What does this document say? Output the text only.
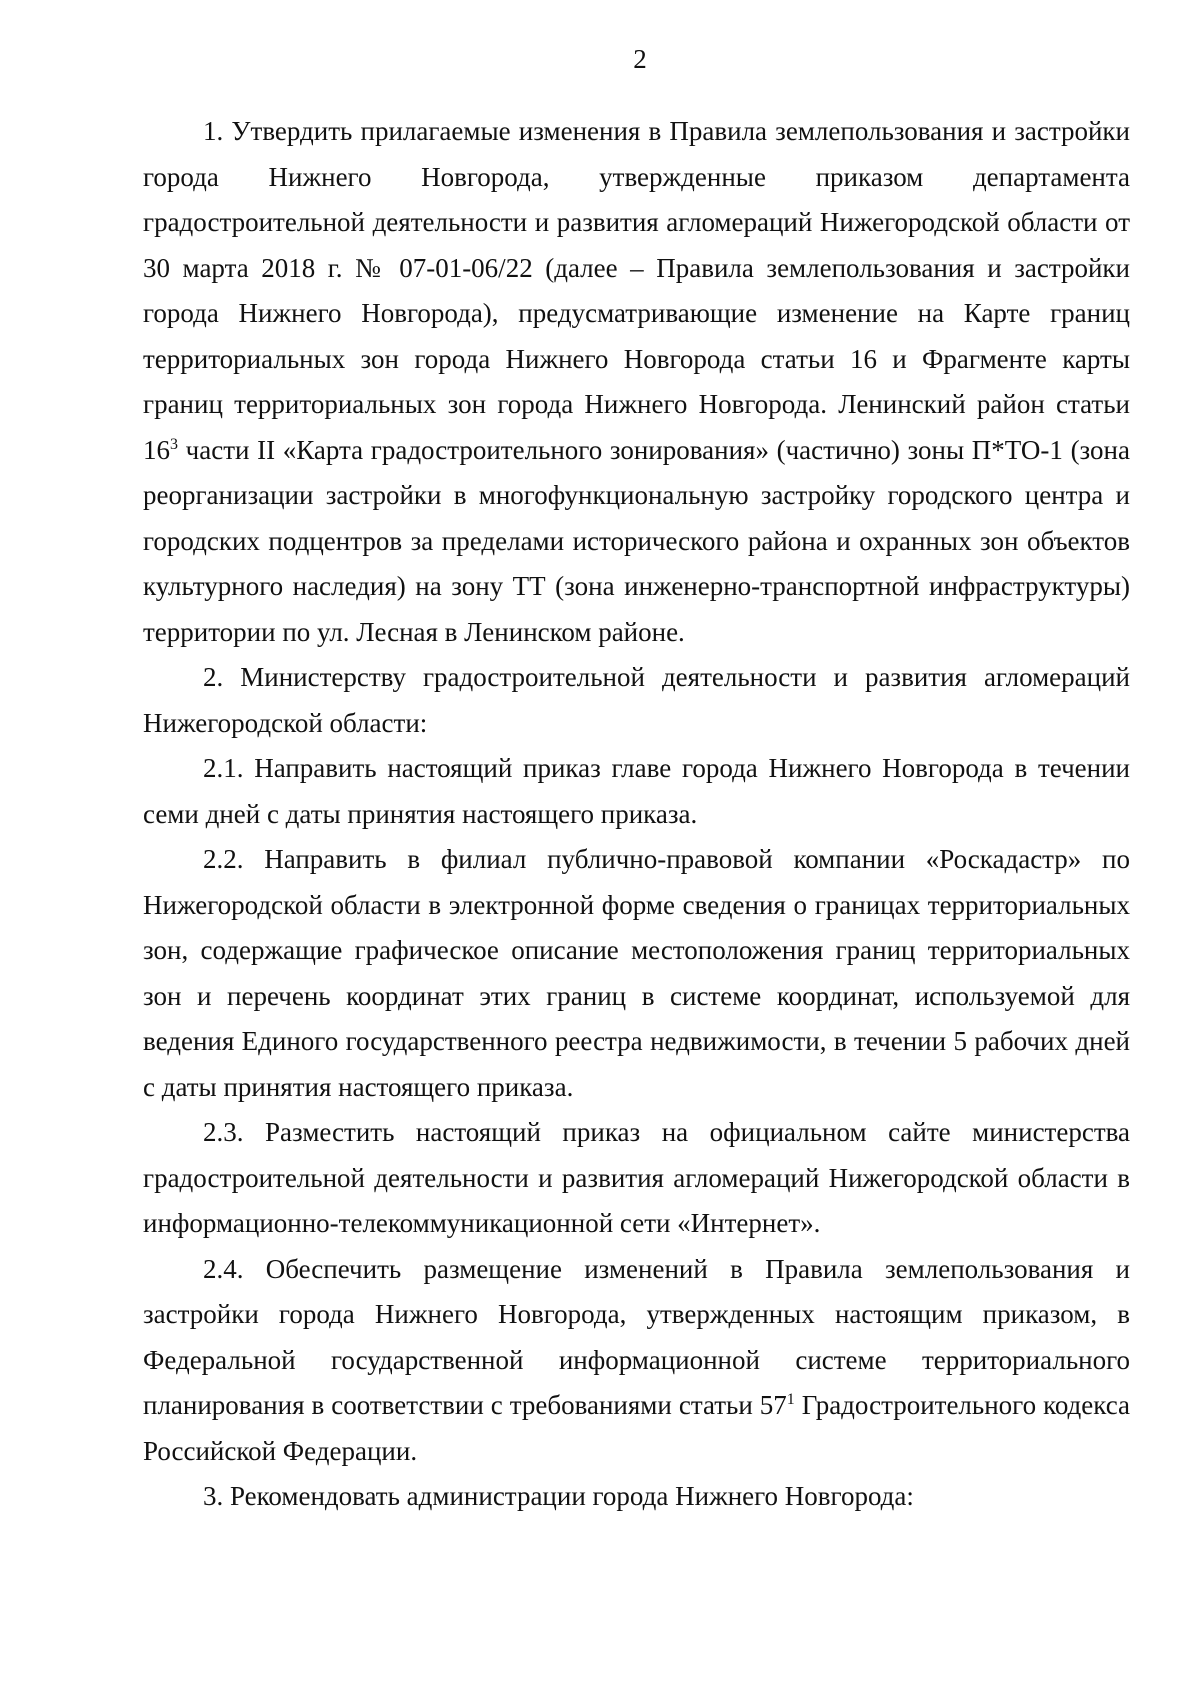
2

1. Утвердить прилагаемые изменения в Правила землепользования и застройки города Нижнего Новгорода, утвержденные приказом департамента градостроительной деятельности и развития агломераций Нижегородской области от 30 марта 2018 г. № 07-01-06/22 (далее – Правила землепользования и застройки города Нижнего Новгорода), предусматривающие изменение на Карте границ территориальных зон города Нижнего Новгорода статьи 16 и Фрагменте карты границ территориальных зон города Нижнего Новгорода. Ленинский район статьи $16^3$ части II «Карта градостроительного зонирования» (частично) зоны П*ТО-1 (зона реорганизации застройки в многофункциональную застройку городского центра и городских подцентров за пределами исторического района и охранных зон объектов культурного наследия) на зону ТТ (зона инженерно-транспортной инфраструктуры) территории по ул. Лесная в Ленинском районе.

2. Министерству градостроительной деятельности и развития агломераций Нижегородской области:

2.1. Направить настоящий приказ главе города Нижнего Новгорода в течении семи дней с даты принятия настоящего приказа.

2.2. Направить в филиал публично-правовой компании «Роскадастр» по Нижегородской области в электронной форме сведения о границах территориальных зон, содержащие графическое описание местоположения границ территориальных зон и перечень координат этих границ в системе координат, используемой для ведения Единого государственного реестра недвижимости, в течении 5 рабочих дней с даты принятия настоящего приказа.

2.3. Разместить настоящий приказ на официальном сайте министерства градостроительной деятельности и развития агломераций Нижегородской области в информационно-телекоммуникационной сети «Интернет».

2.4. Обеспечить размещение изменений в Правила землепользования и застройки города Нижнего Новгорода, утвержденных настоящим приказом, в Федеральной государственной информационной системе территориального планирования в соответствии с требованиями статьи $57^1$ Градостроительного кодекса Российской Федерации.

3. Рекомендовать администрации города Нижнего Новгорода:
